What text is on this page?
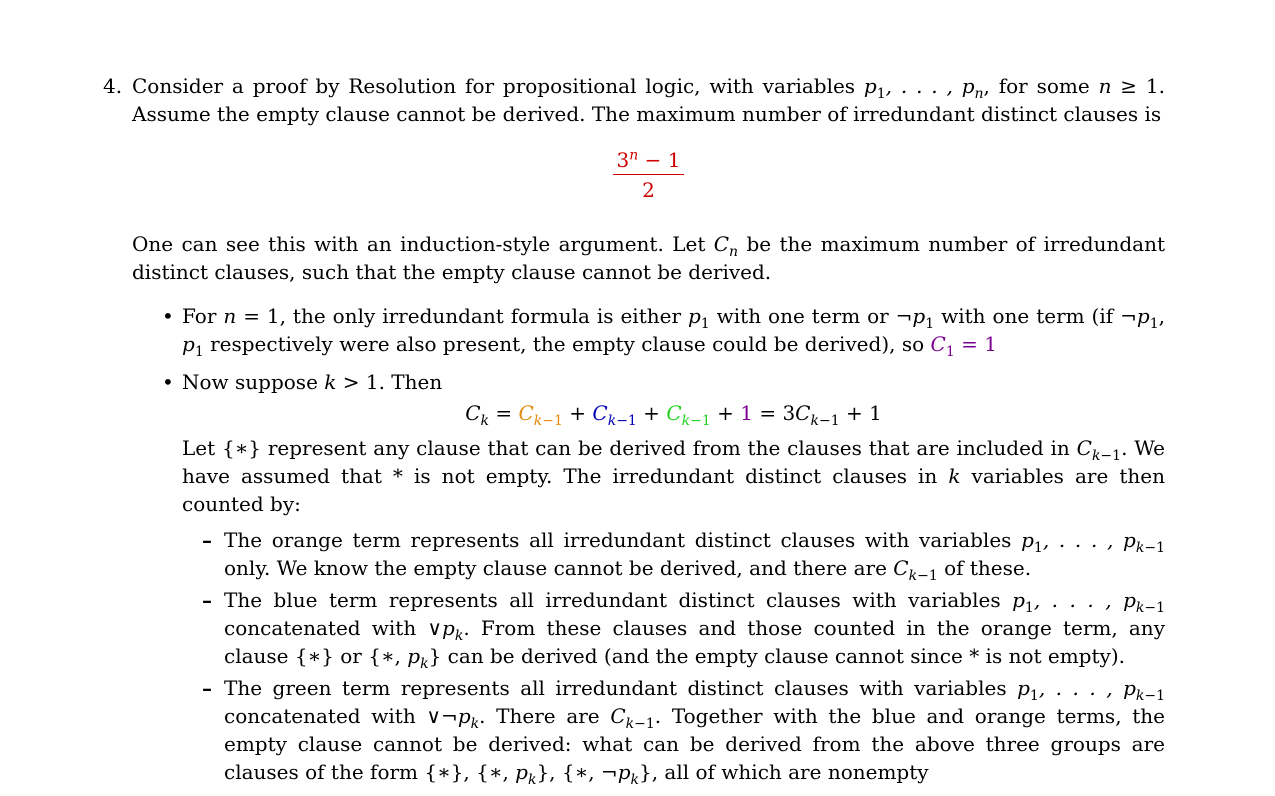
4. Consider a proof by Resolution for propositional logic, with variables $p_1$, . . . , $p_n$, for some n ≥ 1. Assume the empty clause cannot be derived. The maximum number of irredundant distinct clauses is

$\frac{3^n - 1}{2}$

One can see this with an induction-style argument. Let $C_n$ be the maximum number of irredundant distinct clauses, such that the empty clause cannot be derived.

• For n = 1, the only irredundant formula is either $p_1$ with one term or $\neg p_1$ with one term (if $\neg p_1$, $p_1$ respectively were also present, the empty clause could be derived), so $C_1 = 1$

• Now suppose k > 1. Then

$C_k = C_{k-1} + C_{k-1} + C_{k-1} + 1 = 3C_{k-1} + 1$

Let {∗} represent any clause that can be derived from the clauses that are included in $C_{k-1}$. We have assumed that * is not empty. The irredundant distinct clauses in k variables are then counted by:

– The orange term represents all irredundant distinct clauses with variables $p_1$, . . . , $p_{k-1}$ only. We know the empty clause cannot be derived, and there are $C_{k-1}$ of these.

– The blue term represents all irredundant distinct clauses with variables $p_1$, . . . , $p_{k-1}$ concatenated with $\vee p_k$. From these clauses and those counted in the orange term, any clause {∗} or {∗, $p_k$} can be derived (and the empty clause cannot since * is not empty).

– The green term represents all irredundant distinct clauses with variables $p_1$, . . . , $p_{k-1}$ concatenated with $\vee\neg p_k$. There are $C_{k-1}$. Together with the blue and orange terms, the empty clause cannot be derived: what can be derived from the above three groups are clauses of the form {∗}, {∗, $p_k$}, {∗, $\neg p_k$}, all of which are nonempty
